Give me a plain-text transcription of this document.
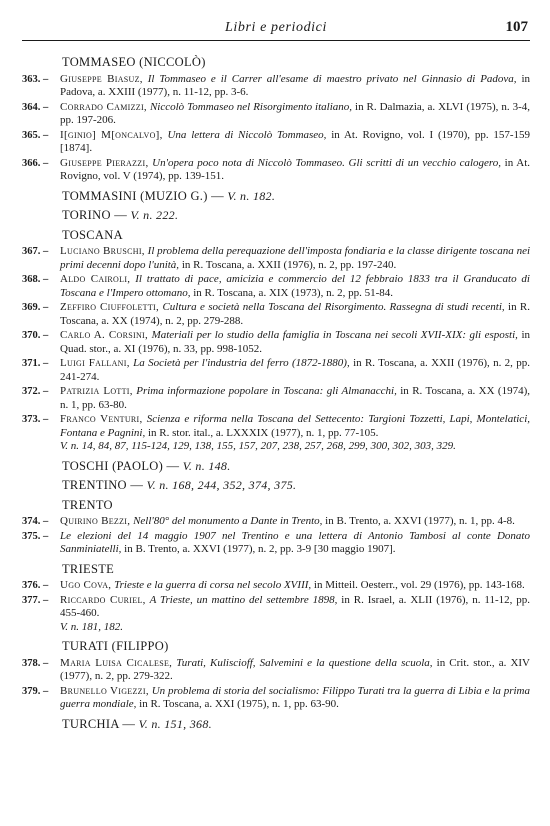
Libri e periodici	107
TOMMASEO (NICCOLÒ)
363. –	Giuseppe Biasuz, Il Tommaseo e il Carrer all'esame di maestro privato nel Ginnasio di Padova, in Padova, a. XXIII (1977), n. 11-12, pp. 3-6.
364. –	Corrado Camizzi, Niccolò Tommaseo nel Risorgimento italiano, in R. Dalmazia, a. XLVI (1975), n. 3-4, pp. 197-206.
365. –	I[ginio] M[oncalvo], Una lettera di Niccolò Tommaseo, in At. Rovigno, vol. I (1970), pp. 157-159 [1874].
366. –	Giuseppe Pierazzi, Un'opera poco nota di Niccolò Tommaseo. Gli scritti di un vecchio calogero, in At. Rovigno, vol. V (1974), pp. 139-151.
TOMMASINI (MUZIO G.) — V. n. 182.
TORINO — V. n. 222.
TOSCANA
367. –	Luciano Bruschi, Il problema della perequazione dell'imposta fondiaria e la classe dirigente toscana nei primi decenni dopo l'unità, in R. Toscana, a. XXII (1976), n. 2, pp. 197-240.
368. –	Aldo Cairoli, Il trattato di pace, amicizia e commercio del 12 febbraio 1833 tra il Granducato di Toscana e l'Impero ottomano, in R. Toscana, a. XIX (1973), n. 2, pp. 51-84.
369. –	Zeffiro Ciuffoletti, Cultura e società nella Toscana del Risorgimento. Rassegna di studi recenti, in R. Toscana, a. XX (1974), n. 2, pp. 279-288.
370. –	Carlo A. Corsini, Materiali per lo studio della famiglia in Toscana nei secoli XVII-XIX: gli esposti, in Quad. stor., a. XI (1976), n. 33, pp. 998-1052.
371. –	Luigi Fallani, La Società per l'industria del ferro (1872-1880), in R. Toscana, a. XXII (1976), n. 2, pp. 241-274.
372. –	Patrizia Lotti, Prima informazione popolare in Toscana: gli Almanacchi, in R. Toscana, a. XX (1974), n. 1, pp. 63-80.
373. –	Franco Venturi, Scienza e riforma nella Toscana del Settecento: Targioni Tozzetti, Lapi, Montelatici, Fontana e Pagnini, in R. stor. ital., a. LXXXIX (1977), n. 1, pp. 77-105.
V. n. 14, 84, 87, 115-124, 129, 138, 155, 157, 207, 238, 257, 268, 299, 300, 302, 303, 329.
TOSCHI (PAOLO) — V. n. 148.
TRENTINO — V. n. 168, 244, 352, 374, 375.
TRENTO
374. –	Quirino Bezzi, Nell'80° del monumento a Dante in Trento, in B. Trento, a. XXVI (1977), n. 1, pp. 4-8.
375. –	Le elezioni del 14 maggio 1907 nel Trentino e una lettera di Antonio Tambosi al conte Donato Sanminiatelli, in B. Trento, a. XXVI (1977), n. 2, pp. 3-9 [30 maggio 1907].
TRIESTE
376. –	Ugo Cova, Trieste e la guerra di corsa nel secolo XVIII, in Mitteil. Oesterr., vol. 29 (1976), pp. 143-168.
377. –	Riccardo Curiel, A Trieste, un mattino del settembre 1898, in R. Israel, a. XLII (1976), n. 11-12, pp. 455-460.
V. n. 181, 182.
TURATI (FILIPPO)
378. –	Maria Luisa Cicalese, Turati, Kuliscioff, Salvemini e la questione della scuola, in Crit. stor., a. XIV (1977), n. 2, pp. 279-322.
379. –	Brunello Vigezzi, Un problema di storia del socialismo: Filippo Turati tra la guerra di Libia e la prima guerra mondiale, in R. Toscana, a. XXI (1975), n. 1, pp. 63-90.
TURCHIA — V. n. 151, 368.
